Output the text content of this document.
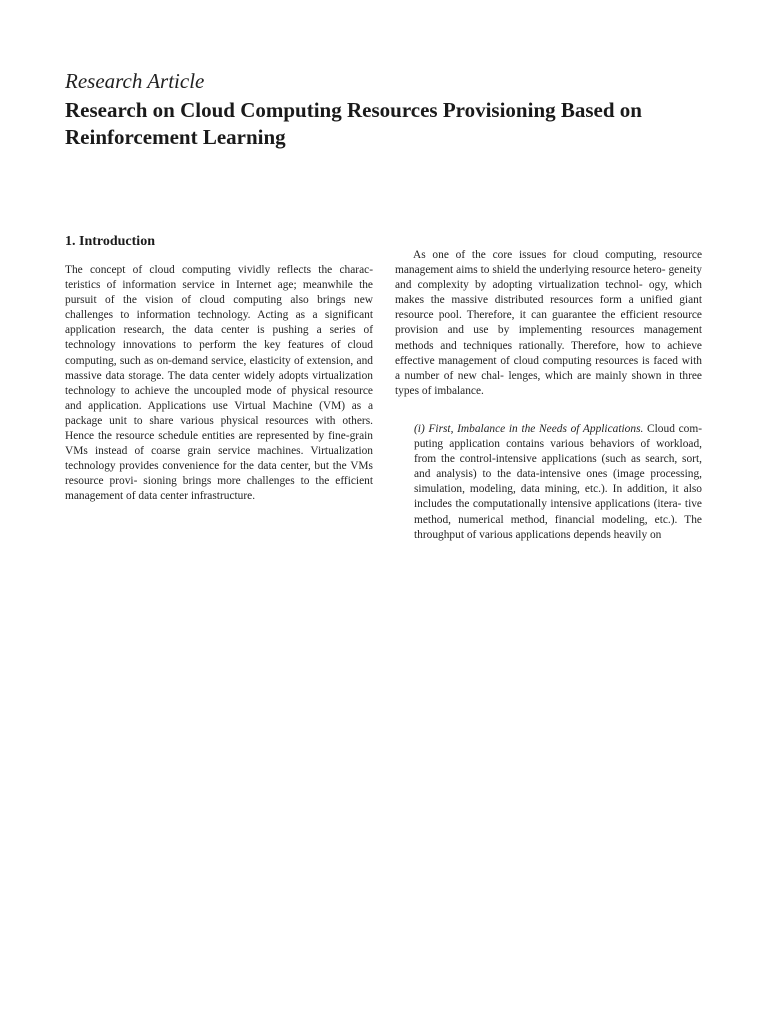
Research Article
Research on Cloud Computing Resources Provisioning Based on Reinforcement Learning
1. Introduction

The concept of cloud computing vividly reflects the charac- teristics of information service in Internet age; meanwhile the pursuit of the vision of cloud computing also brings new challenges to information technology. Acting as a significant application research, the data center is pushing a series of technology innovations to perform the key features of cloud computing, such as on-demand service, elasticity of extension, and massive data storage. The data center widely adopts virtualization technology to achieve the uncoupled mode of physical resource and application. Applications use Virtual Machine (VM) as a package unit to share various physical resources with others. Hence the resource schedule entities are represented by fine-grain VMs instead of coarse grain service machines. Virtualization technology provides convenience for the data center, but the VMs resource provi- sioning brings more challenges to the efficient management of data center infrastructure.

As one of the core issues for cloud computing, resource management aims to shield the underlying resource hetero- geneity and complexity by adopting virtualization technol- ogy, which makes the massive distributed resources form a unified giant resource pool. Therefore, it can guarantee the efficient resource provision and use by implementing resources management methods and techniques rationally. Therefore, how to achieve effective management of cloud computing resources is faced with a number of new chal- lenges, which are mainly shown in three types of imbalance.

(i) First, Imbalance in the Needs of Applications. Cloud com- puting application contains various behaviors of workload, from the control-intensive applications (such as search, sort, and analysis) to the data-intensive ones (image processing, simulation, modeling, data mining, etc.). In addition, it also includes the computationally intensive applications (itera- tive method, numerical method, financial modeling, etc.). The throughput of various applications depends heavily on
